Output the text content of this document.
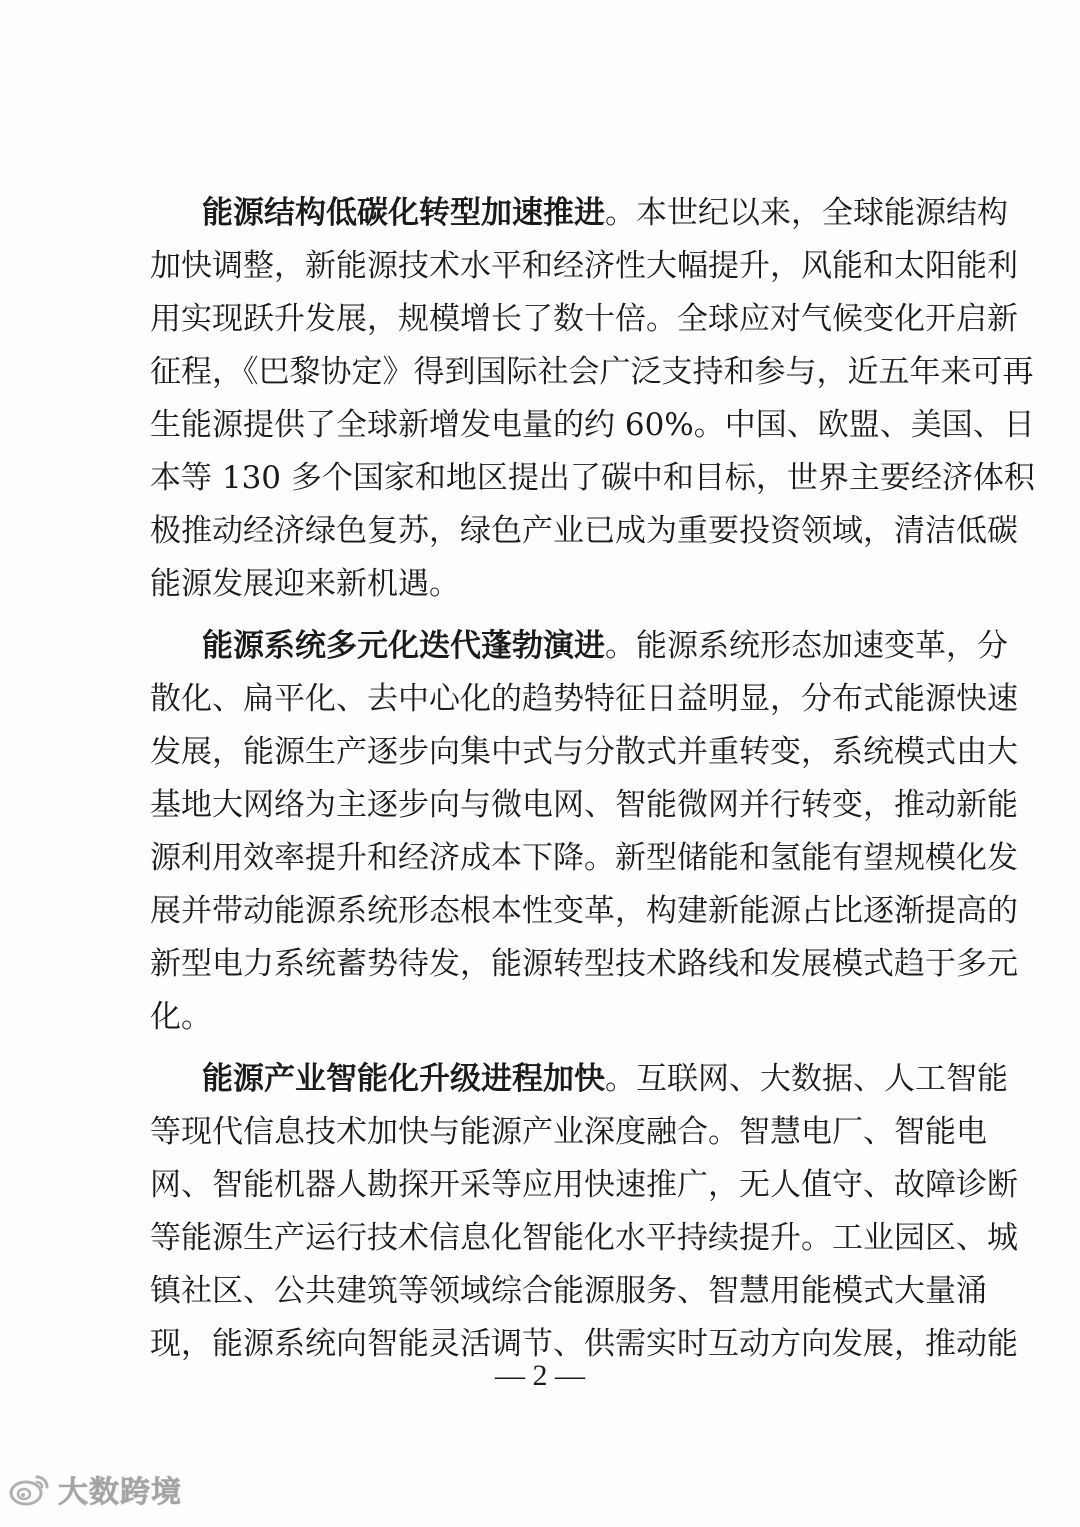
能源结构低碳化转型加速推进。本世纪以来，全球能源结构
加快调整，新能源技术水平和经济性大幅提升，风能和太阳能利
用实现跃升发展，规模增长了数十倍。全球应对气候变化开启新
征程，《巴黎协定》得到国际社会广泛支持和参与，近五年来可再
生能源提供了全球新增发电量的约 60%。中国、欧盟、美国、日
本等 130 多个国家和地区提出了碳中和目标，世界主要经济体积
极推动经济绿色复苏，绿色产业已成为重要投资领域，清洁低碳
能源发展迎来新机遇。
能源系统多元化迭代蓬勃演进。能源系统形态加速变革，分
散化、扁平化、去中心化的趋势特征日益明显，分布式能源快速
发展，能源生产逐步向集中式与分散式并重转变，系统模式由大
基地大网络为主逐步向与微电网、智能微网并行转变，推动新能
源利用效率提升和经济成本下降。新型储能和氢能有望规模化发
展并带动能源系统形态根本性变革，构建新能源占比逐渐提高的
新型电力系统蓄势待发，能源转型技术路线和发展模式趋于多元
化。
能源产业智能化升级进程加快。互联网、大数据、人工智能
等现代信息技术加快与能源产业深度融合。智慧电厂、智能电
网、智能机器人勘探开采等应用快速推广，无人值守、故障诊断
等能源生产运行技术信息化智能化水平持续提升。工业园区、城
镇社区、公共建筑等领域综合能源服务、智慧用能模式大量涌
现，能源系统向智能灵活调节、供需实时互动方向发展，推动能
— 2 —
大数跨境
